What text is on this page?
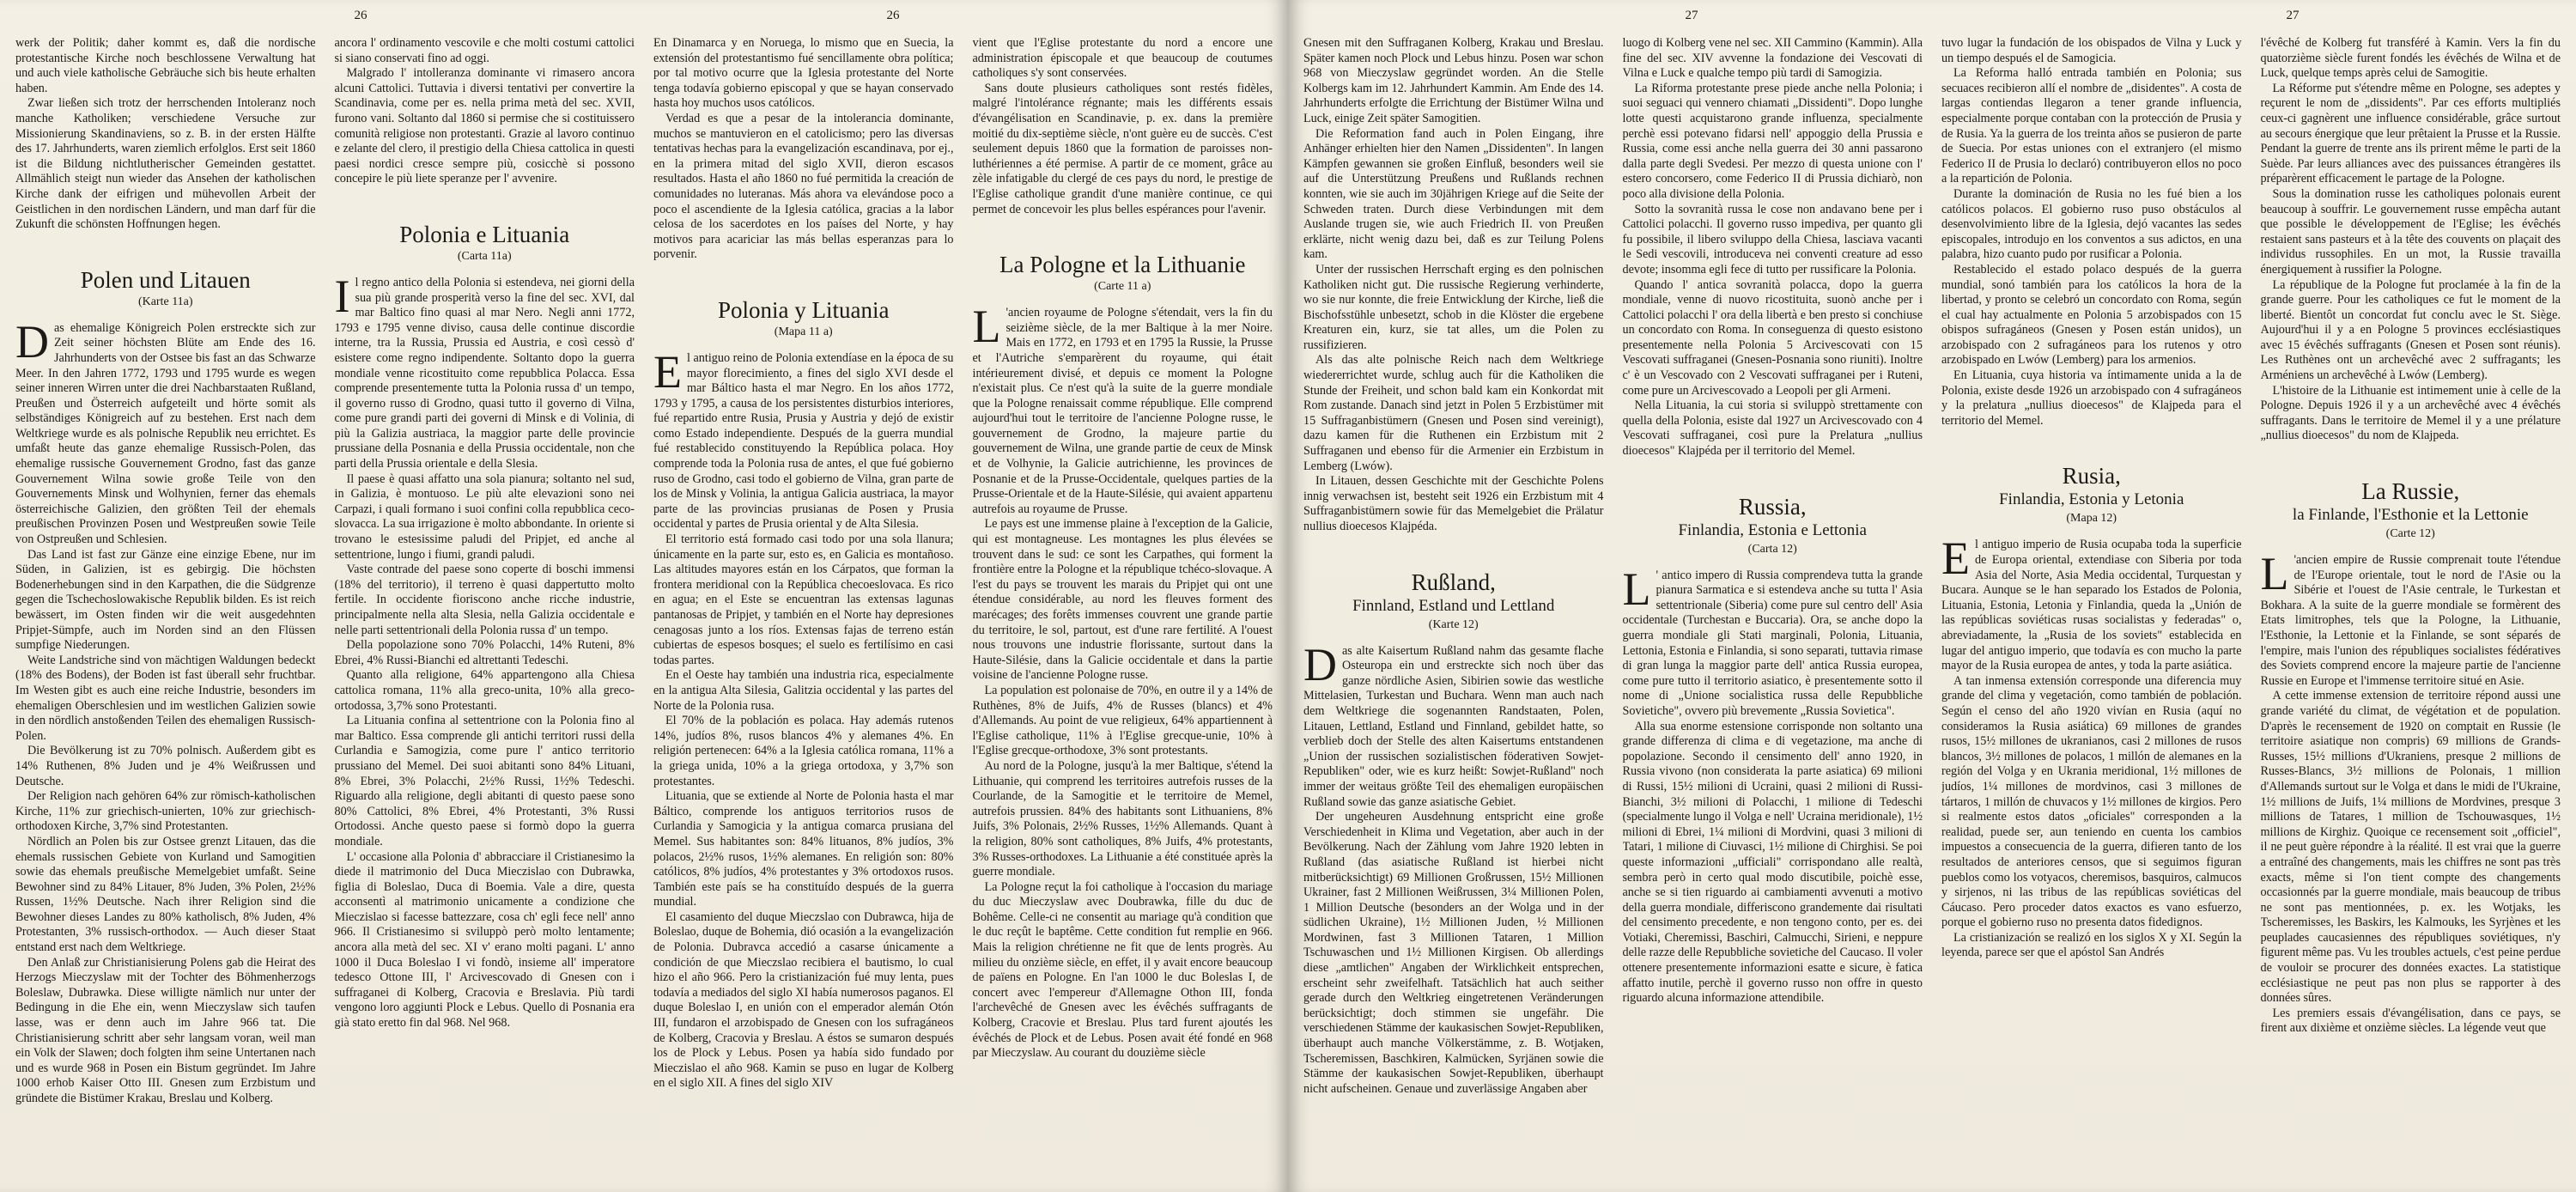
26	26

werk der Politik; daher kommt es, daß die nordische protestantische Kirche noch beschlossene Verwaltung hat und auch viele katholische Gebräuche sich bis heute erhalten haben.

Zwar ließen sich trotz der herrschenden Intoleranz noch manche Katholiken; verschiedene Versuche zur Missionierung Skandinaviens, so z. B. in der ersten Hälfte des 17. Jahrhunderts, waren ziemlich erfolglos. Erst seit 1860 ist die Bildung nichtlutherischer Gemeinden gestattet. Allmählich steigt nun wieder das Ansehen der katholischen Kirche dank der eifrigen und mühevollen Arbeit der Geistlichen in den nordischen Ländern, und man darf für die Zukunft die schönsten Hoffnungen hegen.

Polen und Litauen
(Karte 11a)

Das ehemalige Königreich Polen erstreckte sich zur Zeit seiner höchsten Blüte am Ende des 16. Jahrhunderts von der Ostsee bis fast an das Schwarze Meer. In den Jahren 1772, 1793 und 1795 wurde es wegen seiner inneren Wirren unter die drei Nachbarstaaten Rußland, Preußen und Österreich aufgeteilt und hörte somit als selbständiges Königreich auf zu bestehen. Erst nach dem Weltkriege wurde es als polnische Republik neu errichtet. Es umfaßt heute das ganze ehemalige Russisch-Polen, das ehemalige russische Gouvernement Grodno, fast das ganze Gouvernement Wilna sowie große Teile von den Gouvernements Minsk und Wolhynien, ferner das ehemals österreichische Galizien, den größten Teil der ehemals preußischen Provinzen Posen und Westpreußen sowie Teile von Ostpreußen und Schlesien.

Das Land ist fast zur Gänze eine einzige Ebene, nur im Süden, in Galizien, ist es gebirgig. Die höchsten Bodenerhebungen sind in den Karpathen, die die Südgrenze gegen die Tschechoslowakische Republik bilden. Es ist reich bewässert, im Osten finden wir die weit ausgedehnten Pripjet-Sümpfe, auch im Norden sind an den Flüssen sumpfige Niederungen.

Weite Landstriche sind von mächtigen Waldungen bedeckt (18% des Bodens), der Boden ist fast überall sehr fruchtbar. Im Westen gibt es auch eine reiche Industrie, besonders im ehemaligen Oberschlesien und im westlichen Galizien sowie in den nördlich anstoßenden Teilen des ehemaligen Russisch-Polen.

Die Bevölkerung ist zu 70% polnisch. Außerdem gibt es 14% Ruthenen, 8% Juden und je 4% Weißrussen und Deutsche.

Der Religion nach gehören 64% zur römisch-katholischen Kirche, 11% zur griechisch-unierten, 10% zur griechisch-orthodoxen Kirche, 3,7% sind Protestanten.

Nördlich an Polen bis zur Ostsee grenzt Litauen, das die ehemals russischen Gebiete von Kurland und Samogitien sowie das ehemals preußische Memelgebiet umfaßt. Seine Bewohner sind zu 84% Litauer, 8% Juden, 3% Polen, 2½% Russen, 1½% Deutsche. Nach ihrer Religion sind die Bewohner dieses Landes zu 80% katholisch, 8% Juden, 4% Protestanten, 3% russisch-orthodox. — Auch dieser Staat entstand erst nach dem Weltkriege.

Den Anlaß zur Christianisierung Polens gab die Heirat des Herzogs Mieczyslaw mit der Tochter des Böhmenherzogs Boleslaw, Dubrawka. Diese willigte nämlich nur unter der Bedingung in die Ehe ein, wenn Mieczyslaw sich taufen lasse, was er denn auch im Jahre 966 tat. Die Christianisierung schritt aber sehr langsam voran, weil man ein Volk der Slawen; doch folgten ihm seine Untertanen nach und es wurde 968 in Posen ein Bistum gegründet. Im Jahre 1000 erhob Kaiser Otto III. Gnesen zum Erzbistum und gründete die Bistümer Krakau, Breslau und Kolberg.

ancora l' ordinamento vescovile e che molti costumi cattolici si siano conservati fino ad oggi.

Malgrado l' intolleranza dominante vi rimasero ancora alcuni Cattolici. Tuttavia i diversi tentativi per convertire la Scandinavia, come per es. nella prima metà del sec. XVII, furono vani. Soltanto dal 1860 si permise che si costituissero comunità religiose non protestanti. Grazie al lavoro continuo e zelante del clero, il prestigio della Chiesa cattolica in questi paesi nordici cresce sempre più, cosicchè si possono concepire le più liete speranze per l' avvenire.

Polonia e Lituania
(Carta 11a)

Il regno antico della Polonia si estendeva, nei giorni della sua più grande prosperità verso la fine del sec. XVI, dal mar Baltico fino quasi al mar Nero. Negli anni 1772, 1793 e 1795 venne diviso, causa delle continue discordie interne, tra la Russia, Prussia ed Austria, e così cessò d' esistere come regno indipendente. Soltanto dopo la guerra mondiale venne ricostituito come repubblica Polacca. Essa comprende presentemente tutta la Polonia russa d' un tempo, il governo russo di Grodno, quasi tutto il governo di Vilna, come pure grandi parti dei governi di Minsk e di Volinia, di più la Galizia austriaca, la maggior parte delle provincie prussiane della Posnania e della Prussia occidentale, non che parti della Prussia orientale e della Slesia.

Il paese è quasi affatto una sola pianura; soltanto nel sud, in Galizia, è montuoso. Le più alte elevazioni sono nei Carpazi, i quali formano i suoi confini colla repubblica ceco-slovacca. La sua irrigazione è molto abbondante. In oriente si trovano le estesissime paludi del Pripjet, ed anche al settentrione, lungo i fiumi, grandi paludi.

Vaste contrade del paese sono coperte di boschi immensi (18% del territorio), il terreno è quasi dappertutto molto fertile. In occidente fioriscono anche ricche industrie, principalmente nella alta Slesia, nella Galizia occidentale e nelle parti settentrionali della Polonia russa d' un tempo.

Della popolazione sono 70% Polacchi, 14% Ruteni, 8% Ebrei, 4% Russi-Bianchi ed altrettanti Tedeschi.

Quanto alla religione, 64% appartengono alla Chiesa cattolica romana, 11% alla greco-unita, 10% alla greco-ortodossa, 3,7% sono Protestanti.

La Lituania confina al settentrione con la Polonia fino al mar Baltico. Essa comprende gli antichi territori russi della Curlandia e Samogizia, come pure l' antico territorio prussiano del Memel. Dei suoi abitanti sono 84% Lituani, 8% Ebrei, 3% Polacchi, 2½% Russi, 1½% Tedeschi. Riguardo alla religione, degli abitanti di questo paese sono 80% Cattolici, 8% Ebrei, 4% Protestanti, 3% Russi Ortodossi. Anche questo paese si formò dopo la guerra mondiale.

L' occasione alla Polonia d' abbracciare il Cristianesimo la diede il matrimonio del Duca Mieczislao con Dubrawka, figlia di Boleslao, Duca di Boemia. Vale a dire, questa acconsentì al matrimonio unicamente a condizione che Mieczislao si facesse battezzare, cosa ch' egli fece nell' anno 966. Il Cristianesimo si sviluppò però molto lentamente; ancora alla metà del sec. XI v' erano molti pagani. L' anno 1000 il Duca Boleslao I vi fondò, insieme all' imperatore tedesco Ottone III, l' Arcivescovado di Gnesen con i suffraganei di Kolberg, Cracovia e Breslavia. Più tardi vengono loro aggiunti Plock e Lebus. Quello di Posnania era già stato eretto fin dal 968. Nel 968.

En Dinamarca y en Noruega, lo mismo que en Suecia, la extensión del protestantismo fué sencillamente obra política; por tal motivo ocurre que la Iglesia protestante del Norte tenga todavía gobierno episcopal y que se hayan conservado hasta hoy muchos usos católicos.

Verdad es que a pesar de la intolerancia dominante, muchos se mantuvieron en el catolicismo; pero las diversas tentativas hechas para la evangelización escandinava, por ej., en la primera mitad del siglo XVII, dieron escasos resultados. Hasta el año 1860 no fué permitida la creación de comunidades no luteranas. Más ahora va elevándose poco a poco el ascendiente de la Iglesia católica, gracias a la labor celosa de los sacerdotes en los países del Norte, y hay motivos para acariciar las más bellas esperanzas para lo porvenir.

Polonia y Lituania
(Mapa 11 a)

El antiguo reino de Polonia extendíase en la época de su mayor florecimiento, a fines del siglo XVI desde el mar Báltico hasta el mar Negro. En los años 1772, 1793 y 1795, a causa de los persistentes disturbios interiores, fué repartido entre Rusia, Prusia y Austria y dejó de existir como Estado independiente. Después de la guerra mundial fué restablecido constituyendo la República polaca. Hoy comprende toda la Polonia rusa de antes, el que fué gobierno ruso de Grodno, casi todo el gobierno de Vilna, gran parte de los de Minsk y Volinia, la antigua Galicia austriaca, la mayor parte de las provincias prusianas de Posen y Prusia occidental y partes de Prusia oriental y de Alta Silesia.

El territorio está formado casi todo por una sola llanura; únicamente en la parte sur, esto es, en Galicia es montañoso. Las altitudes mayores están en los Cárpatos, que forman la frontera meridional con la República checoeslovaca. Es rico en agua; en el Este se encuentran las extensas lagunas pantanosas de Pripjet, y también en el Norte hay depresiones cenagosas junto a los ríos. Extensas fajas de terreno están cubiertas de espesos bosques; el suelo es fertilísimo en casi todas partes.

En el Oeste hay también una industria rica, especialmente en la antigua Alta Silesia, Galitzia occidental y las partes del Norte de la Polonia rusa.

El 70% de la población es polaca. Hay además rutenos 14%, judíos 8%, rusos blancos 4% y alemanes 4%. En religión pertenecen: 64% a la Iglesia católica romana, 11% a la griega unida, 10% a la griega ortodoxa, y 3,7% son protestantes.

Lituania, que se extiende al Norte de Polonia hasta el mar Báltico, comprende los antiguos territorios rusos de Curlandia y Samogicia y la antigua comarca prusiana del Memel. Sus habitantes son: 84% lituanos, 8% judíos, 3% polacos, 2½% rusos, 1½% alemanes. En religión son: 80% católicos, 8% judíos, 4% protestantes y 3% ortodoxos rusos. También este país se ha constituído después de la guerra mundial.

El casamiento del duque Mieczslao con Dubrawca, hija de Boleslao, duque de Bohemia, dió ocasión a la evangelización de Polonia. Dubravca accedió a casarse únicamente a condición de que Mieczslao recibiera el bautismo, lo cual hizo el año 966. Pero la cristianización fué muy lenta, pues todavía a mediados del siglo XI había numerosos paganos. El duque Boleslao I, en unión con el emperador alemán Otón III, fundaron el arzobispado de Gnesen con los sufragáneos de Kolberg, Cracovia y Breslau. A éstos se sumaron después los de Plock y Lebus. Posen ya había sido fundado por Mieczislao el año 968. Kamin se puso en lugar de Kolberg en el siglo XII. A fines del siglo XIV

vient que l'Eglise protestante du nord a encore une administration épiscopale et que beaucoup de coutumes catholiques s'y sont conservées.

Sans doute plusieurs catholiques sont restés fidèles, malgré l'intolérance régnante; mais les différents essais d'évangélisation en Scandinavie, p. ex. dans la première moitié du dix-septième siècle, n'ont guère eu de succès. C'est seulement depuis 1860 que la formation de paroisses non-luthériennes a été permise. A partir de ce moment, grâce au zèle infatigable du clergé de ces pays du nord, le prestige de l'Eglise catholique grandit d'une manière continue, ce qui permet de concevoir les plus belles espérances pour l'avenir.

La Pologne et la Lithuanie
(Carte 11 a)

L 'ancien royaume de Pologne s'étendait, vers la fin du seizième siècle, de la mer Baltique à la mer Noire. Mais en 1772, en 1793 et en 1795 la Russie, la Prusse et l'Autriche s'emparèrent du royaume, qui était intérieurement divisé, et depuis ce moment la Pologne n'existait plus. Ce n'est qu'à la suite de la guerre mondiale que la Pologne renaissait comme république. Elle comprend aujourd'hui tout le territoire de l'ancienne Pologne russe, le gouvernement de Grodno, la majeure partie du gouvernement de Wilna, une grande partie de ceux de Minsk et de Volhynie, la Galicie autrichienne, les provinces de Posnanie et de la Prusse-Occidentale, quelques parties de la Prusse-Orientale et de la Haute-Silésie, qui avaient appartenu autrefois au royaume de Prusse.

Le pays est une immense plaine à l'exception de la Galicie, qui est montagneuse. Les montagnes les plus élevées se trouvent dans le sud: ce sont les Carpathes, qui forment la frontière entre la Pologne et la république tchéco-slovaque. A l'est du pays se trouvent les marais du Pripjet qui ont une étendue considérable, au nord les fleuves forment des marécages; des forêts immenses couvrent une grande partie du territoire, le sol, partout, est d'une rare fertilité. A l'ouest nous trouvons une industrie florissante, surtout dans la Haute-Silésie, dans la Galicie occidentale et dans la partie voisine de l'ancienne Pologne russe.

La population est polonaise de 70%, en outre il y a 14% de Ruthènes, 8% de Juifs, 4% de Russes (blancs) et 4% d'Allemands. Au point de vue religieux, 64% appartiennent à l'Eglise catholique, 11% à l'Eglise grecque-unie, 10% à l'Eglise grecque-orthodoxe, 3% sont protestants.

Au nord de la Pologne, jusqu'à la mer Baltique, s'étend la Lithuanie, qui comprend les territoires autrefois russes de la Courlande, de la Samogitie et le territoire de Memel, autrefois prussien. 84% des habitants sont Lithuaniens, 8% Juifs, 3% Polonais, 2½% Russes, 1½% Allemands. Quant à la religion, 80% sont catholiques, 8% Juifs, 4% protestants, 3% Russes-orthodoxes. La Lithuanie a été constituée après la guerre mondiale.

La Pologne reçut la foi catholique à l'occasion du mariage du duc Mieczyslaw avec Doubrawka, fille du duc de Bohême. Celle-ci ne consentit au mariage qu'à condition que le duc reçût le baptême. Cette condition fut remplie en 966. Mais la religion chrétienne ne fit que de lents progrès. Au milieu du onzième siècle, en effet, il y avait encore beaucoup de païens en Pologne. En l'an 1000 le duc Boleslas I, de concert avec l'empereur d'Allemagne Othon III, fonda l'archevêché de Gnesen avec les évêchés suffragants de Kolberg, Cracovie et Breslau. Plus tard furent ajoutés les évêchés de Plock et de Lebus. Posen avait été fondé en 968 par Mieczyslaw. Au courant du douzième siècle

27	27

Gnesen mit den Suffraganen Kolberg, Krakau und Breslau. Später kamen noch Plock und Lebus hinzu. Posen war schon 968 von Mieczyslaw gegründet worden. An die Stelle Kolbergs kam im 12. Jahrhundert Kammin. Am Ende des 14. Jahrhunderts erfolgte die Errichtung der Bistümer Wilna und Luck, einige Zeit später Samogitien.

Die Reformation fand auch in Polen Eingang, ihre Anhänger erhielten hier den Namen „Dissidenten". In langen Kämpfen gewannen sie großen Einfluß, besonders weil sie auf die Unterstützung Preußens und Rußlands rechnen konnten, wie sie auch im 30jährigen Kriege auf die Seite der Schweden traten. Durch diese Verbindungen mit dem Auslande trugen sie, wie auch Friedrich II. von Preußen erklärte, nicht wenig dazu bei, daß es zur Teilung Polens kam.

Unter der russischen Herrschaft erging es den polnischen Katholiken nicht gut. Die russische Regierung verhinderte, wo sie nur konnte, die freie Entwicklung der Kirche, ließ die Bischofsstühle unbesetzt, schob in die Klöster die ergebene Kreaturen ein, kurz, sie tat alles, um die Polen zu russifizieren.

Als das alte polnische Reich nach dem Weltkriege wiedererrichtet wurde, schlug auch für die Katholiken die Stunde der Freiheit, und schon bald kam ein Konkordat mit Rom zustande. Danach sind jetzt in Polen 5 Erzbistümer mit 15 Suffraganbistümern (Gnesen und Posen sind vereinigt), dazu kamen für die Ruthenen ein Erzbistum mit 2 Suffraganen und ebenso für die Armenier ein Erzbistum in Lemberg (Lwów).

In Litauen, dessen Geschichte mit der Geschichte Polens innig verwachsen ist, besteht seit 1926 ein Erzbistum mit 4 Suffraganbistümern sowie für das Memelgebiet die Prälatur nullius dioecesos Klajpéda.

Rußland,
Finnland, Estland und Lettland
(Karte 12)

Das alte Kaisertum Rußland nahm das gesamte flache Osteuropa ein und erstreckte sich noch über das ganze nördliche Asien, Sibirien sowie das westliche Mittelasien, Turkestan und Buchara. Wenn man auch nach dem Weltkriege die sogenannten Randstaaten, Polen, Litauen, Lettland, Estland und Finnland, gebildet hatte, so verblieb doch der Stelle des alten Kaisertums entstandenen „Union der russischen sozialistischen föderativen Sowjet-Republiken" oder, wie es kurz heißt: Sowjet-Rußland" noch immer der weitaus größte Teil des ehemaligen europäischen Rußland sowie das ganze asiatische Gebiet.

Der ungeheuren Ausdehnung entspricht eine große Verschiedenheit in Klima und Vegetation, aber auch in der Bevölkerung. Nach der Zählung vom Jahre 1920 lebten in Rußland (das asiatische Rußland ist hierbei nicht mitberücksichtigt) 69 Millionen Großrussen, 15½ Millionen Ukrainer, fast 2 Millionen Weißrussen, 3¼ Millionen Polen, 1 Million Deutsche (besonders an der Wolga und in der südlichen Ukraine), 1½ Millionen Juden, ½ Millionen Mordwinen, fast 3 Millionen Tataren, 1 Million Tschuwaschen und 1½ Millionen Kirgisen. Ob allerdings diese „amtlichen" Angaben der Wirklichkeit entsprechen, erscheint sehr zweifelhaft. Tatsächlich hat auch seither gerade durch den Weltkrieg eingetretenen Veränderungen berücksichtigt; doch stimmen sie ungefähr. Die verschiedenen Stämme der kaukasischen Sowjet-Republiken, überhaupt auch manche Völkerstämme, z. B. Wotjaken, Tscheremissen, Baschkiren, Kalmücken, Syrjänen sowie die Stämme der kaukasischen Sowjet-Republiken, überhaupt nicht aufscheinen. Genaue und zuverlässige Angaben aber

luogo di Kolberg vene nel sec. XII Cammino (Kammin). Alla fine del sec. XIV avvenne la fondazione dei Vescovati di Vilna e Luck e qualche tempo più tardi di Samogizia.

La Riforma protestante prese piede anche nella Polonia; i suoi seguaci qui vennero chiamati „Dissidenti". Dopo lunghe lotte questi acquistarono grande influenza, specialmente perchè essi potevano fidarsi nell' appoggio della Prussia e Russia, come essi anche nella guerra dei 30 anni passarono dalla parte degli Svedesi. Per mezzo di questa unione con l' estero concorsero, come Federico II di Prussia dichiarò, non poco alla divisione della Polonia.

Sotto la sovranità russa le cose non andavano bene per i Cattolici polacchi. Il governo russo impediva, per quanto gli fu possibile, il libero sviluppo della Chiesa, lasciava vacanti le Sedi vescovili, introduceva nei conventi creature ad esso devote; insomma egli fece di tutto per russificare la Polonia.

Quando l' antica sovranità polacca, dopo la guerra mondiale, venne di nuovo ricostituita, suonò anche per i Cattolici polacchi l' ora della libertà e ben presto si conchiuse un concordato con Roma. In conseguenza di questo esistono presentemente nella Polonia 5 Arcivescovati con 15 Vescovati suffraganei (Gnesen-Posnania sono riuniti). Inoltre c' è un Vescovado con 2 Vescovati suffraganei per i Ruteni, come pure un Arcivescovado a Leopoli per gli Armeni.

Nella Lituania, la cui storia si sviluppò strettamente con quella della Polonia, esiste dal 1927 un Arcivescovado con 4 Vescovati suffraganei, così pure la Prelatura „nullius dioecesos" Klajpéda per il territorio del Memel.

Russia,
Finlandia, Estonia e Lettonia
(Carta 12)

L ' antico impero di Russia comprendeva tutta la grande pianura Sarmatica e si estendeva anche su tutta l' Asia settentrionale (Siberia) come pure sul centro dell' Asia occidentale (Turchestan e Buccaria). Ora, se anche dopo la guerra mondiale gli Stati marginali, Polonia, Lituania, Lettonia, Estonia e Finlandia, si sono separati, tuttavia rimase di gran lunga la maggior parte dell' antica Russia europea, come pure tutto il territorio asiatico, è presentemente sotto il nome di „Unione socialistica russa delle Repubbliche Sovietiche", ovvero più brevemente „Russia Sovietica".

Alla sua enorme estensione corrisponde non soltanto una grande differenza di clima e di vegetazione, ma anche di popolazione. Secondo il censimento dell' anno 1920, in Russia vivono (non considerata la parte asiatica) 69 milioni di Russi, 15½ milioni di Ucraini, quasi 2 milioni di Russi-Bianchi, 3½ milioni di Polacchi, 1 milione di Tedeschi (specialmente lungo il Volga e nell' Ucraina meridionale), 1½ milioni di Ebrei, 1¼ milioni di Mordvini, quasi 3 milioni di Tatari, 1 milione di Ciuvasci, 1½ milione di Chirghisi. Se poi queste informazioni „ufficiali" corrispondano alle realtà, sembra però in certo qual modo discutibile, poichè esse, anche se si tien riguardo ai cambiamenti avvenuti a motivo della guerra mondiale, differiscono grandemente dai risultati del censimento precedente, e non tengono conto, per es. dei Votiaki, Cheremissi, Baschiri, Calmucchi, Sirieni, e neppure delle razze delle Repubbliche sovietiche del Caucaso. Il voler ottenere presentemente informazioni esatte e sicure, è fatica affatto inutile, perchè il governo russo non offre in questo riguardo alcuna informazione attendibile.

tuvo lugar la fundación de los obispados de Vilna y Luck y un tiempo después el de Samogicia.

La Reforma halló entrada también en Polonia; sus secuaces recibieron allí el nombre de „disidentes". A costa de largas contiendas llegaron a tener grande influencia, especialmente porque contaban con la protección de Prusia y de Rusia. Ya la guerra de los treinta años se pusieron de parte de Suecia. Por estas uniones con el extranjero (el mismo Federico II de Prusia lo declaró) contribuyeron ellos no poco a la repartición de Polonia.

Durante la dominación de Rusia no les fué bien a los católicos polacos. El gobierno ruso puso obstáculos al desenvolvimiento libre de la Iglesia, dejó vacantes las sedes episcopales, introdujo en los conventos a sus adictos, en una palabra, hizo cuanto pudo por rusificar a Polonia.

Restablecido el estado polaco después de la guerra mundial, sonó también para los católicos la hora de la libertad, y pronto se celebró un concordato con Roma, según el cual hay actualmente en Polonia 5 arzobispados con 15 obispos sufragáneos (Gnesen y Posen están unidos), un arzobispado con 2 sufragáneos para los rutenos y otro arzobispado en Lwów (Lemberg) para los armenios.

En Lituania, cuya historia va íntimamente unida a la de Polonia, existe desde 1926 un arzobispado con 4 sufragáneos y la prelatura „nullius dioecesos" de Klajpeda para el territorio del Memel.

Rusia,
Finlandia, Estonia y Letonia
(Mapa 12)

El antiguo imperio de Rusia ocupaba toda la superficie de Europa oriental, extendiase con Siberia por toda Asia del Norte, Asia Media occidental, Turquestan y Bucara. Aunque se le han separado los Estados de Polonia, Lituania, Estonia, Letonia y Finlandia, queda la „Unión de las repúblicas soviéticas rusas socialistas y federadas" o, abreviadamente, la „Rusia de los soviets" establecida en lugar del antiguo imperio, que todavía es con mucho la parte mayor de la Rusia europea de antes, y toda la parte asiática.

A tan inmensa extensión corresponde una diferencia muy grande del clima y vegetación, como también de población. Según el censo del año 1920 vivían en Rusia (aquí no consideramos la Rusia asiática) 69 millones de grandes rusos, 15½ millones de ukranianos, casi 2 millones de rusos blancos, 3½ millones de polacos, 1 millón de alemanes en la región del Volga y en Ukrania meridional, 1½ millones de judíos, 1¼ millones de mordvinos, casi 3 millones de tártaros, 1 millón de chuvacos y 1½ millones de kirgios. Pero si realmente estos datos „oficiales" corresponden a la realidad, puede ser, aun teniendo en cuenta los cambios impuestos a consecuencia de la guerra, difieren tanto de los resultados de anteriores censos, que si seguimos figuran pueblos como los votyacos, cheremisos, basquiros, calmucos y sirjenos, ni las tribus de las repúblicas soviéticas del Cáucaso. Pero proceder datos exactos es vano esfuerzo, porque el gobierno ruso no presenta datos fidedignos.

La cristianización se realizó en los siglos X y XI. Según la leyenda, parece ser que el apóstol San Andrés

l'évêché de Kolberg fut transféré à Kamin. Vers la fin du quatorzième siècle furent fondés les évêchés de Wilna et de Luck, quelque temps après celui de Samogitie.

La Réforme put s'étendre même en Pologne, ses adeptes y reçurent le nom de „dissidents". Par ces efforts multipliés ceux-ci gagnèrent une influence considérable, grâce surtout au secours énergique que leur prêtaient la Prusse et la Russie. Pendant la guerre de trente ans ils prirent même le parti de la Suède. Par leurs alliances avec des puissances étrangères ils préparèrent efficacement le partage de la Pologne.

Sous la domination russe les catholiques polonais eurent beaucoup à souffrir. Le gouvernement russe empêcha autant que possible le développement de l'Eglise; les évêchés restaient sans pasteurs et à la tête des couvents on plaçait des individus russophiles. En un mot, la Russie travailla énergiquement à russifier la Pologne.

La république de la Pologne fut proclamée à la fin de la grande guerre. Pour les catholiques ce fut le moment de la liberté. Bientôt un concordat fut conclu avec le St. Siège. Aujourd'hui il y a en Pologne 5 provinces ecclésiastiques avec 15 évêchés suffragants (Gnesen et Posen sont réunis). Les Ruthènes ont un archevêché avec 2 suffragants; les Arméniens un archevêché à Lwów (Lemberg).

L'histoire de la Lithuanie est intimement unie à celle de la Pologne. Depuis 1926 il y a un archevêché avec 4 évêchés suffragants. Dans le territoire de Memel il y a une prélature „nullius dioecesos" du nom de Klajpeda.

La Russie,
la Finlande, l'Esthonie et la Lettonie
(Carte 12)

L 'ancien empire de Russie comprenait toute l'étendue de l'Europe orientale, tout le nord de l'Asie ou la Sibérie et l'ouest de l'Asie centrale, le Turkestan et Bokhara. A la suite de la guerre mondiale se formèrent des Etats limitrophes, tels que la Pologne, la Lithuanie, l'Esthonie, la Lettonie et la Finlande, se sont séparés de l'empire, mais l'union des républiques socialistes fédératives des Soviets comprend encore la majeure partie de l'ancienne Russie en Europe et l'immense territoire situé en Asie.

A cette immense extension de territoire répond aussi une grande variété du climat, de végétation et de population. D'après le recensement de 1920 on comptait en Russie (le territoire asiatique non compris) 69 millions de Grands-Russes, 15½ millions d'Ukraniens, presque 2 millions de Russes-Blancs, 3½ millions de Polonais, 1 million d'Allemands surtout sur le Volga et dans le midi de l'Ukraine, 1½ millions de Juifs, 1¼ millions de Mordvines, presque 3 millions de Tatares, 1 million de Tschouwasques, 1½ millions de Kirghiz. Quoique ce recensement soit „officiel", il ne peut guère répondre à la réalité. Il est vrai que la guerre a entraîné des changements, mais les chiffres ne sont pas très exacts, même si l'on tient compte des changements occasionnés par la guerre mondiale, mais beaucoup de tribus ne sont pas mentionnées, p. ex. les Wotjaks, les Tscheremisses, les Baskirs, les Kalmouks, les Syrjènes et les peuplades caucasiennes des républiques soviétiques, n'y figurent même pas. Vu les troubles actuels, c'est peine perdue de vouloir se procurer des données exactes. La statistique ecclésiastique ne peut pas non plus se rapporter à des données sûres.

Les premiers essais d'évangélisation, dans ce pays, se firent aux dixième et onzième siècles. La légende veut que
